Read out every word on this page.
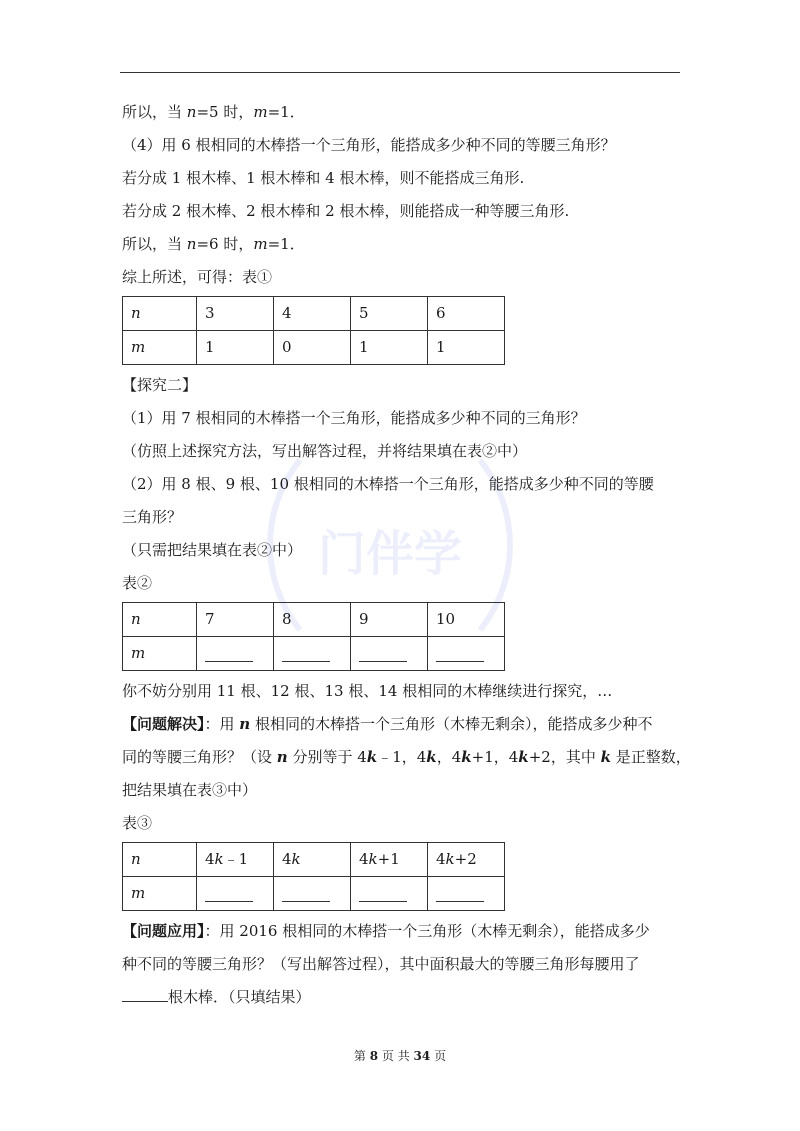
门伴学
所以，当 n=5 时，m=1．
（4）用 6 根相同的木棒搭一个三角形，能搭成多少种不同的等腰三角形？
若分成 1 根木棒、1 根木棒和 4 根木棒，则不能搭成三角形.
若分成 2 根木棒、2 根木棒和 2 根木棒，则能搭成一种等腰三角形.
所以，当 n=6 时，m=1．
综上所述，可得：表①
n	3	4	5	6
m	1	0	1	1
【探究二】
（1）用 7 根相同的木棒搭一个三角形，能搭成多少种不同的三角形？
（仿照上述探究方法，写出解答过程，并将结果填在表②中）
（2）用 8 根、9 根、10 根相同的木棒搭一个三角形，能搭成多少种不同的等腰
三角形？
（只需把结果填在表②中）
表②
n	7	8	9	10
m				
你不妨分别用 11 根、12 根、13 根、14 根相同的木棒继续进行探究，…
【问题解决】：用 n 根相同的木棒搭一个三角形（木棒无剩余），能搭成多少种不
同的等腰三角形？（设 n 分别等于 4k﹣1，4k，4k+1，4k+2，其中 k 是正整数，
把结果填在表③中）
表③
n	4k﹣1	4k	4k+1	4k+2
m				
【问题应用】：用 2016 根相同的木棒搭一个三角形（木棒无剩余），能搭成多少
种不同的等腰三角形？（写出解答过程），其中面积最大的等腰三角形每腰用了
根木棒．（只填结果）
第 8 页 共 34 页
